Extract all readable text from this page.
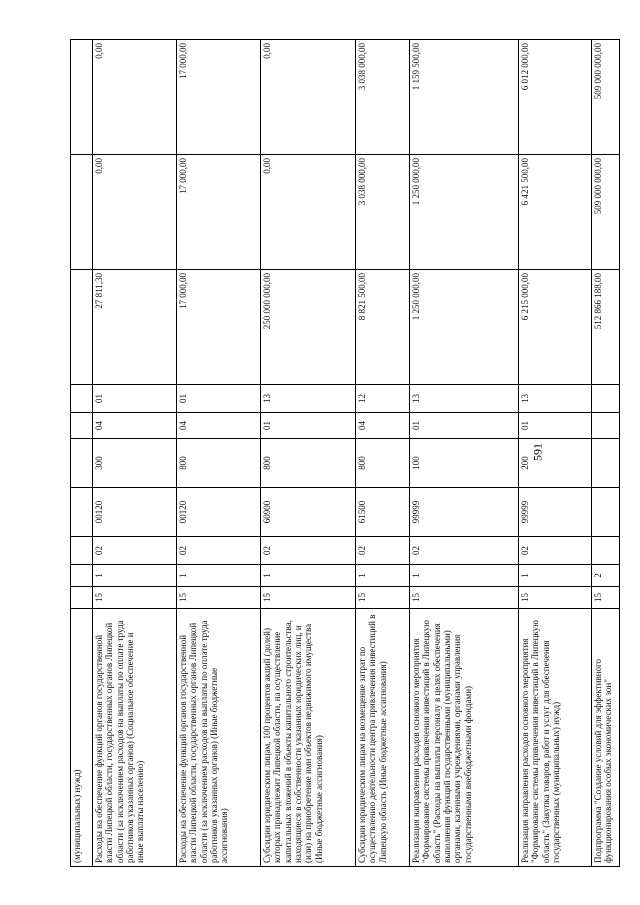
591
(муниципальных) нужд)										
Расходы на обеспечение функций органов государственной власти Липецкой области, государственных органов Липецкой области (за исключением расходов на выплаты по оплате труда работников указанных органов) (Социальное обеспечение и иные выплаты населению)	15	1	02	00120	300	04	01	27 811,30	0,00	0,00
Расходы на обеспечение функций органов государственной власти Липецкой области, государственных органов Липецкой области (за исключением расходов на выплаты по оплате труда работников указанных органов) (Иные бюджетные ассигнования)	15	1	02	00120	800	04	01	17 000,00	17 000,00	17 000,00
Субсидии юридическим лицам, 100 процентов акций (долей) которых принадлежит Липецкой области, на осуществление капитальных вложений в объекты капитального строительства, находящиеся в собственности указанных юридических лиц, и (или) на приобретение ими объектов недвижимого имущества (Иные бюджетные ассигнования)	15	1	02	60900	800	01	13	250 000 000,00	0,00	0,00
Субсидии юридическим лицам на возмещение затрат по осуществлению деятельности центра привлечения инвестиций в Липецкую область (Иные бюджетные ассигнования)	15	1	02	61500	800	04	12	8 821 500,00	3 038 000,00	3 038 000,00
Реализация направления расходов основного мероприятия "Формирование системы привлечения инвестиций в Липецкую область" (Расходы на выплаты персоналу в целях обеспечения выполнения функций государственными (муниципальными) органами, казенными учреждениями, органами управления государственными внебюджетными фондами)	15	1	02	99999	100	01	13	1 250 000,00	1 250 000,00	1 159 500,00
Реализация направления расходов основного мероприятия "Формирование системы привлечения инвестиций в Липецкую область" (Закупка товаров, работ и услуг для обеспечения государственных (муниципальных) нужд)	15	1	02	99999	200	01	13	6 215 000,00	6 421 500,00	6 012 000,00
Подпрограмма "Создание условий для эффективного функционирования особых экономических зон"	15	2						512 866 188,00	509 000 000,00	509 000 000,00
